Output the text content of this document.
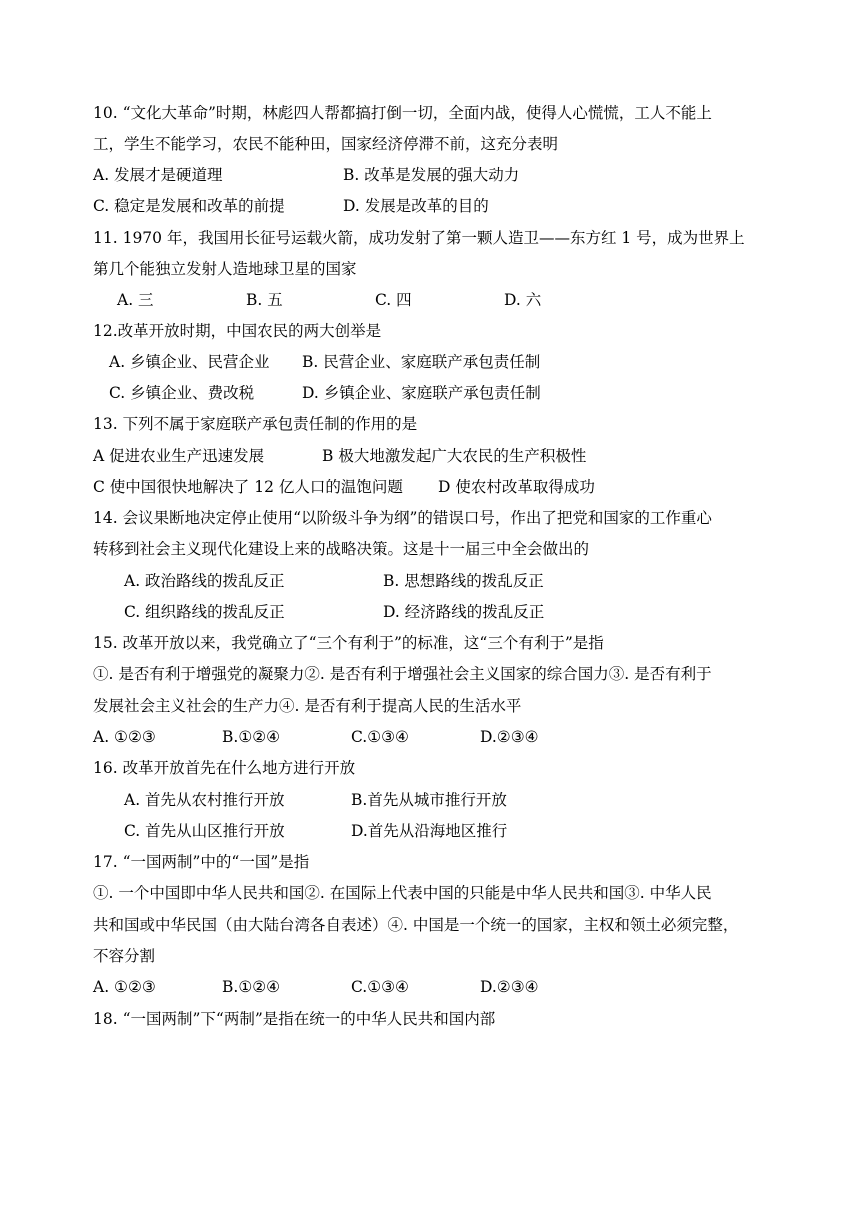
10. “文化大革命”时期，林彪四人帮都搞打倒一切，全面内战，使得人心慌慌，工人不能上
工，学生不能学习，农民不能种田，国家经济停滞不前，这充分表明
A. 发展才是硬道理	B. 改革是发展的强大动力
C. 稳定是发展和改革的前提	D. 发展是改革的目的
11. 1970 年，我国用长征号运载火箭，成功发射了第一颗人造卫——东方红 1 号，成为世界上
第几个能独立发射人造地球卫星的国家
A. 三	B. 五	C. 四	D. 六
12.改革开放时期，中国农民的两大创举是
A. 乡镇企业、民营企业 B. 民营企业、家庭联产承包责任制
C. 乡镇企业、费改税	D. 乡镇企业、家庭联产承包责任制
13. 下列不属于家庭联产承包责任制的作用的是
A 促进农业生产迅速发展	B 极大地激发起广大农民的生产积极性
C 使中国很快地解决了 12 亿人口的温饱问题 D 使农村改革取得成功
14. 会议果断地决定停止使用“以阶级斗争为纲”的错误口号，作出了把党和国家的工作重心
转移到社会主义现代化建设上来的战略决策。这是十一届三中全会做出的
A. 政治路线的拨乱反正	B. 思想路线的拨乱反正
C. 组织路线的拨乱反正	D. 经济路线的拨乱反正
15. 改革开放以来，我党确立了“三个有利于”的标准，这“三个有利于”是指
①. 是否有利于增强党的凝聚力②. 是否有利于增强社会主义国家的综合国力③. 是否有利于
发展社会主义社会的生产力④. 是否有利于提高人民的生活水平
A. ①②③	B.①②④	C.①③④	D.②③④
16. 改革开放首先在什么地方进行开放
A. 首先从农村推行开放	B.首先从城市推行开放
C. 首先从山区推行开放	D.首先从沿海地区推行
17. “一国两制”中的“一国”是指
①. 一个中国即中华人民共和国②. 在国际上代表中国的只能是中华人民共和国③. 中华人民
共和国或中华民国（由大陆台湾各自表述）④. 中国是一个统一的国家，主权和领土必须完整，
不容分割
A. ①②③	B.①②④	C.①③④	D.②③④
18. “一国两制”下“两制”是指在统一的中华人民共和国内部
